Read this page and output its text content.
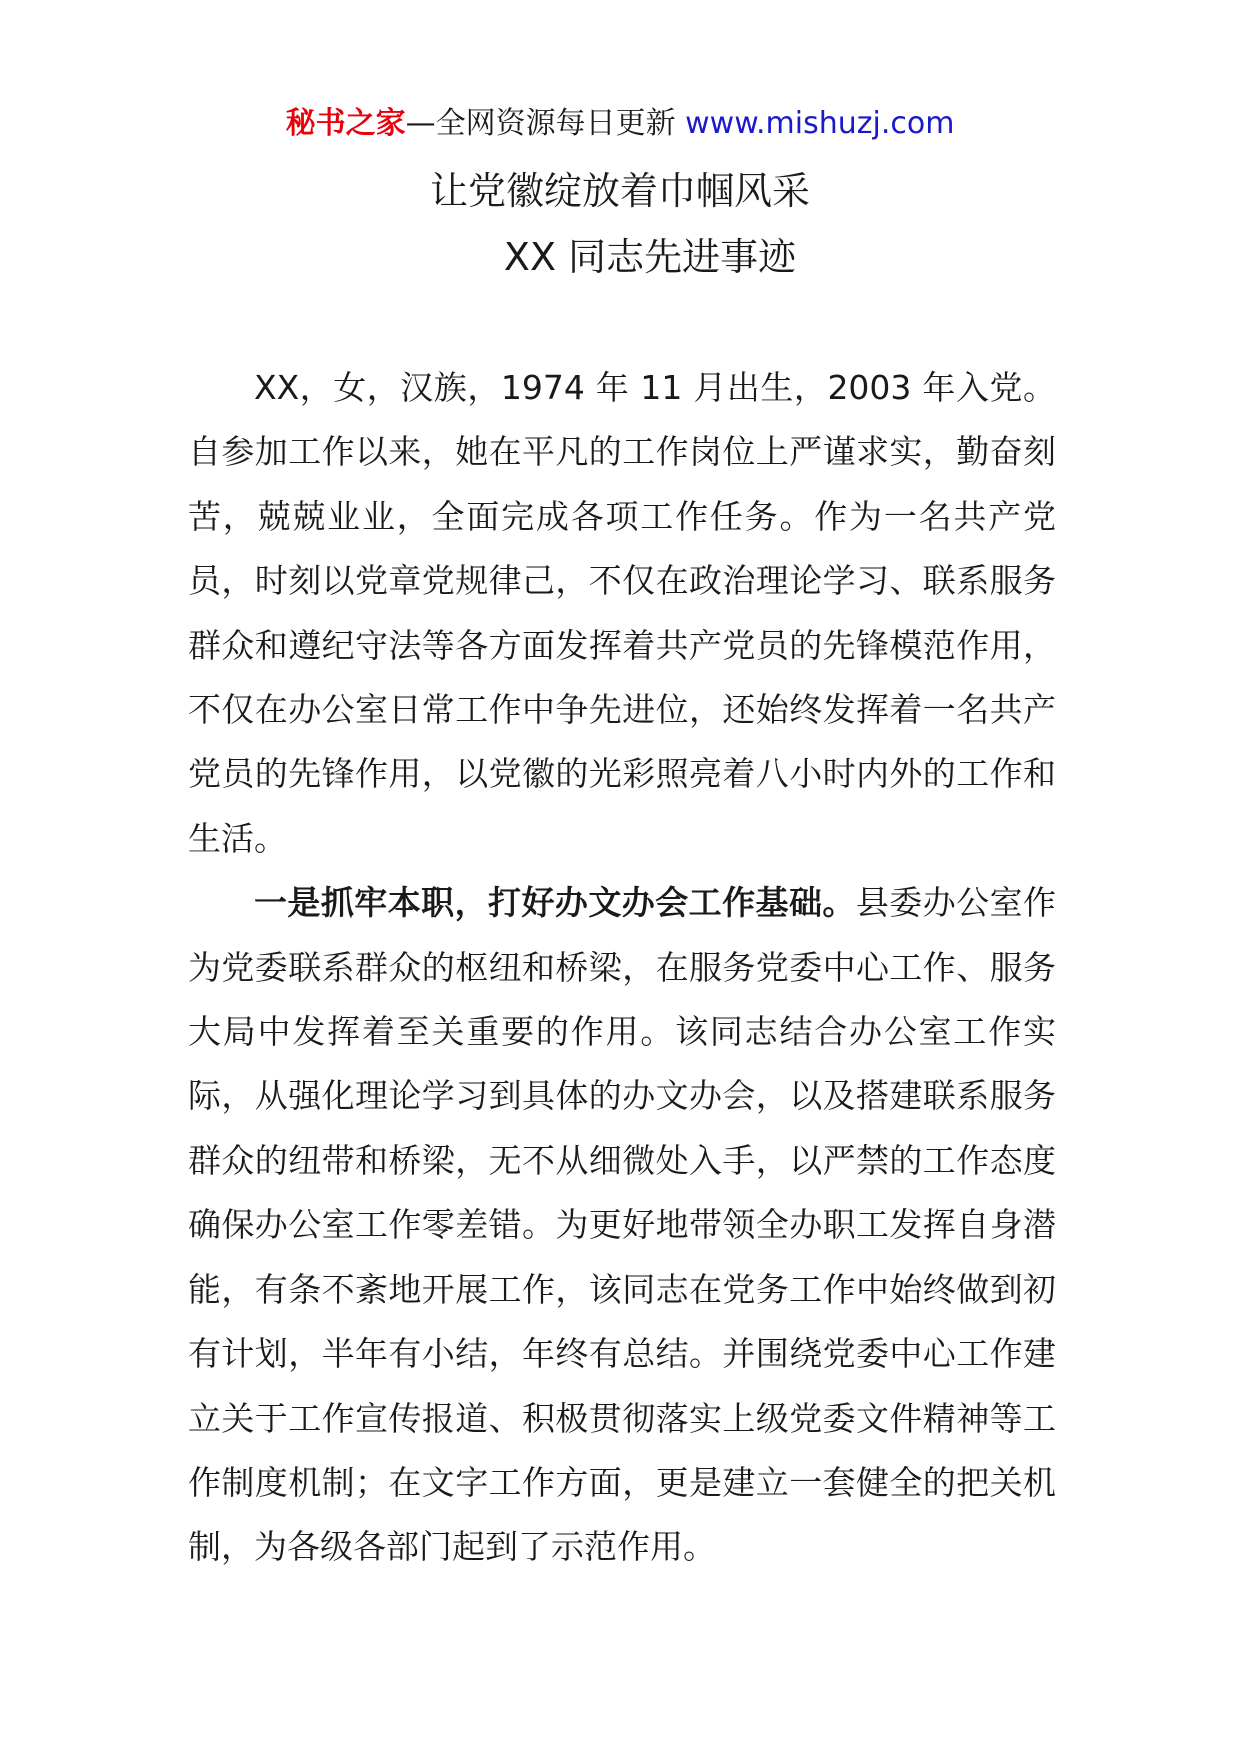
秘书之家—全网资源每日更新 www.mishuzj.com
让党徽绽放着巾帼风采
XX 同志先进事迹

XX，女，汉族，1974 年 11 月出生，2003 年入党。自参加工作以来，她在平凡的工作岗位上严谨求实，勤奋刻苦，兢兢业业，全面完成各项工作任务。作为一名共产党员，时刻以党章党规律己，不仅在政治理论学习、联系服务群众和遵纪守法等各方面发挥着共产党员的先锋模范作用，不仅在办公室日常工作中争先进位，还始终发挥着一名共产党员的先锋作用，以党徽的光彩照亮着八小时内外的工作和生活。

一是抓牢本职，打好办文办会工作基础。县委办公室作为党委联系群众的枢纽和桥梁，在服务党委中心工作、服务大局中发挥着至关重要的作用。该同志结合办公室工作实际，从强化理论学习到具体的办文办会，以及搭建联系服务群众的纽带和桥梁，无不从细微处入手，以严禁的工作态度确保办公室工作零差错。为更好地带领全办职工发挥自身潜能，有条不紊地开展工作，该同志在党务工作中始终做到初有计划，半年有小结，年终有总结。并围绕党委中心工作建立关于工作宣传报道、积极贯彻落实上级党委文件精神等工作制度机制；在文字工作方面，更是建立一套健全的把关机制，为各级各部门起到了示范作用。
